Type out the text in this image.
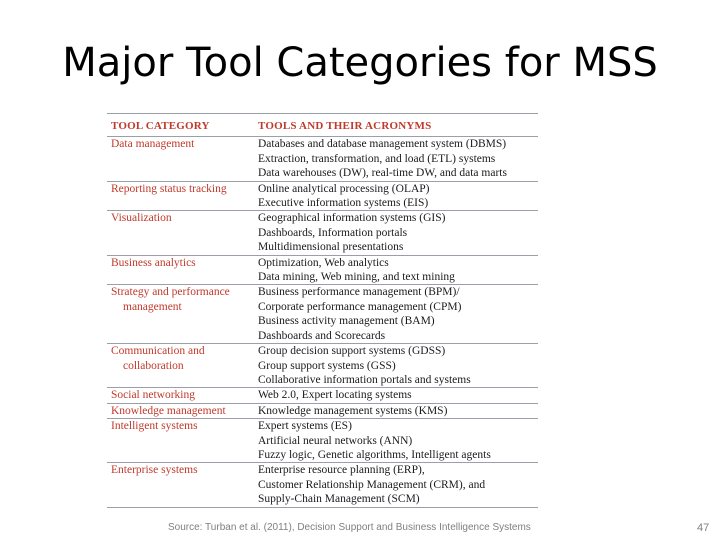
Major Tool Categories for MSS
TOOL CATEGORY	TOOLS AND THEIR ACRONYMS

Data management	Databases and database management system (DBMS)
Extraction, transformation, and load (ETL) systems
Data warehouses (DW), real-time DW, and data marts

Reporting status tracking	Online analytical processing (OLAP)
Executive information systems (EIS)

Visualization	Geographical information systems (GIS)
Dashboards, Information portals
Multidimensional presentations

Business analytics	Optimization, Web analytics
Data mining, Web mining, and text mining

Strategy and performance
management	Business performance management (BPM)/
Corporate performance management (CPM)
Business activity management (BAM)
Dashboards and Scorecards

Communication and
collaboration	Group decision support systems (GDSS)
Group support systems (GSS)
Collaborative information portals and systems

Social networking	Web 2.0, Expert locating systems

Knowledge management	Knowledge management systems (KMS)

Intelligent systems	Expert systems (ES)
Artificial neural networks (ANN)
Fuzzy logic, Genetic algorithms, Intelligent agents

Enterprise systems	Enterprise resource planning (ERP),
Customer Relationship Management (CRM), and
Supply-Chain Management (SCM)
Source: Turban et al. (2011), Decision Support and Business Intelligence Systems	47
